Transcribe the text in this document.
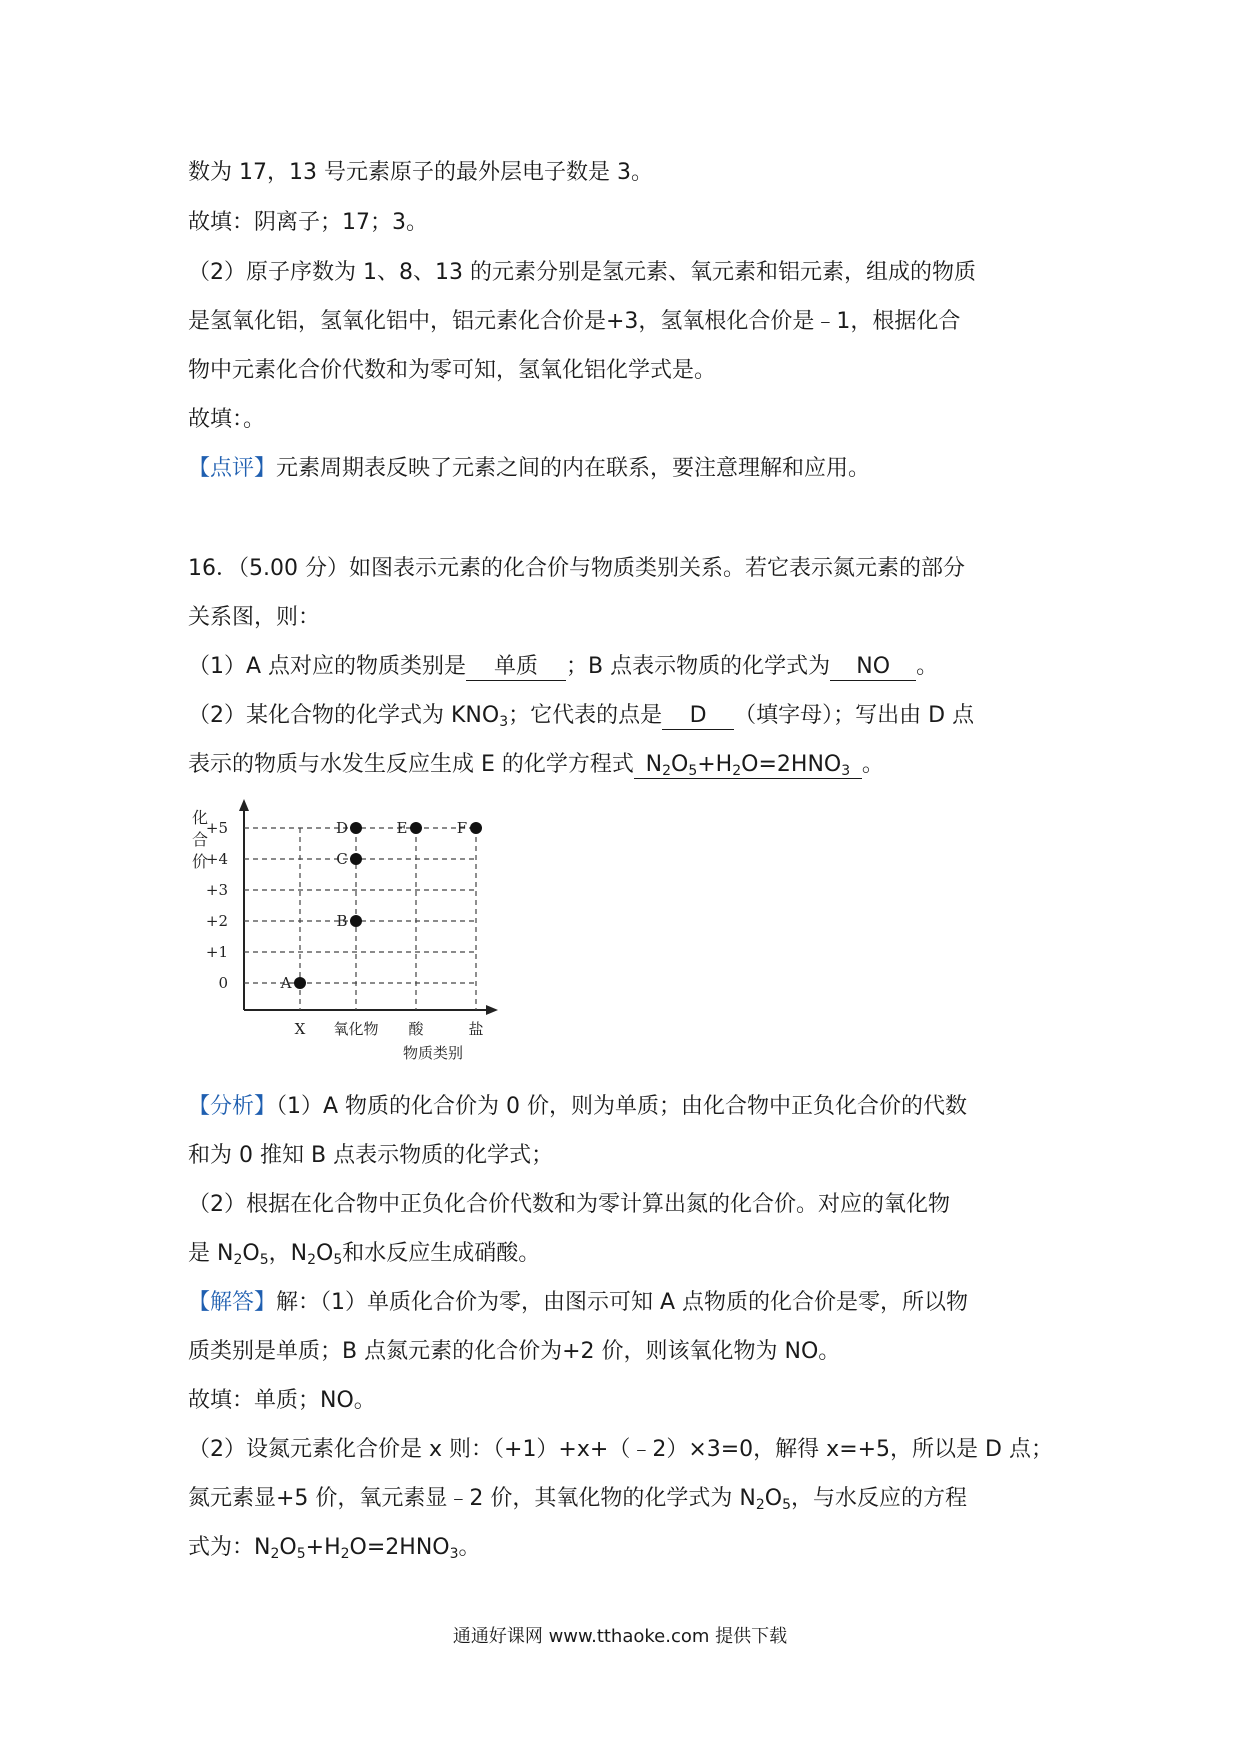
数为 17，13 号元素原子的最外层电子数是 3。
故填：阴离子；17；3。
（2）原子序数为 1、8、13 的元素分别是氢元素、氧元素和铝元素，组成的物质
是氢氧化铝，氢氧化铝中，铝元素化合价是+3，氢氧根化合价是﹣1，根据化合
物中元素化合价代数和为零可知，氢氧化铝化学式是。
故填：。
【点评】元素周期表反映了元素之间的内在联系，要注意理解和应用。
16．（5.00 分）如图表示元素的化合价与物质类别关系。若它表示氮元素的部分
关系图，则：
（1）A 点对应的物质类别是 单质 ；B 点表示物质的化学式为 NO 。
（2）某化合物的化学式为 $KNO_3$；它代表的点是 D （填字母）；写出由 D 点
表示的物质与水发生反应生成 E 的化学方程式 $N_2O_5+H_2O=2HNO_3$ 。
化
合
价
+5
+4
+3
+2
+1
0
X 氧化物 酸	盐
物质类别
A
B
C
D	E	F
【分析】（1）A 物质的化合价为 0 价，则为单质；由化合物中正负化合价的代数
和为 0 推知 B 点表示物质的化学式；
（2）根据在化合物中正负化合价代数和为零计算出氮的化合价。对应的氧化物
是 $N_2O_5$，$N_2O_5$和水反应生成硝酸。
【解答】解：（1）单质化合价为零，由图示可知 A 点物质的化合价是零，所以物
质类别是单质；B 点氮元素的化合价为+2 价，则该氧化物为 NO。
故填：单质；NO。
（2）设氮元素化合价是 x 则：（+1）+x+（﹣2）×3=0，解得 x=+5，所以是 D 点；
氮元素显+5 价，氧元素显﹣2 价，其氧化物的化学式为 $N_2O_5$，与水反应的方程
式为：$N_2O_5+H_2O=2HNO_3$。
通通好课网 www.tthaoke.com 提供下载
